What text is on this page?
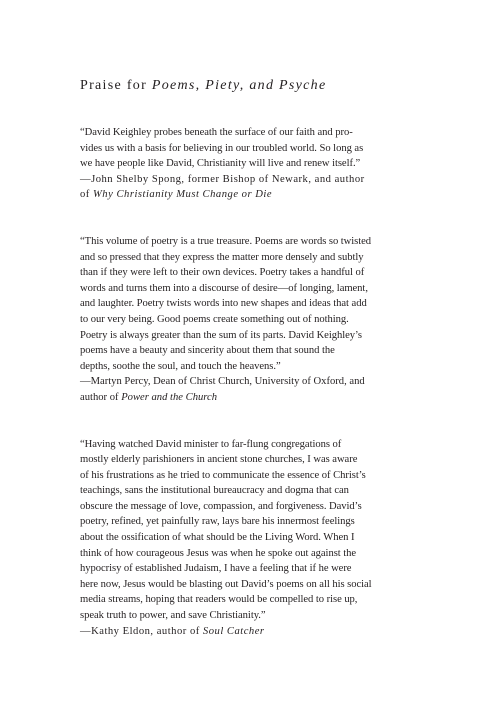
Praise for Poems, Piety, and Psyche

“David Keighley probes beneath the surface of our faith and pro-
vides us with a basis for believing in our troubled world. So long as
we have people like David, Christianity will live and renew itself.”

—John Shelby Spong, former Bishop of Newark, and author
of Why Christianity Must Change or Die

“This volume of poetry is a true treasure. Poems are words so twisted
and so pressed that they express the matter more densely and subtly
than if they were left to their own devices. Poetry takes a handful of
words and turns them into a discourse of desire—of longing, lament,
and laughter. Poetry twists words into new shapes and ideas that add
to our very being. Good poems create something out of nothing.
Poetry is always greater than the sum of its parts. David Keighley’s
poems have a beauty and sincerity about them that sound the
depths, soothe the soul, and touch the heavens.”

—Martyn Percy, Dean of Christ Church, University of Oxford, and
author of Power and the Church

“Having watched David minister to far-flung congregations of
mostly elderly parishioners in ancient stone churches, I was aware
of his frustrations as he tried to communicate the essence of Christ’s
teachings, sans the institutional bureaucracy and dogma that can
obscure the message of love, compassion, and forgiveness. David’s
poetry, refined, yet painfully raw, lays bare his innermost feelings
about the ossification of what should be the Living Word. When I
think of how courageous Jesus was when he spoke out against the
hypocrisy of established Judaism, I have a feeling that if he were
here now, Jesus would be blasting out David’s poems on all his social
media streams, hoping that readers would be compelled to rise up,
speak truth to power, and save Christianity.”

—Kathy Eldon, author of Soul Catcher
